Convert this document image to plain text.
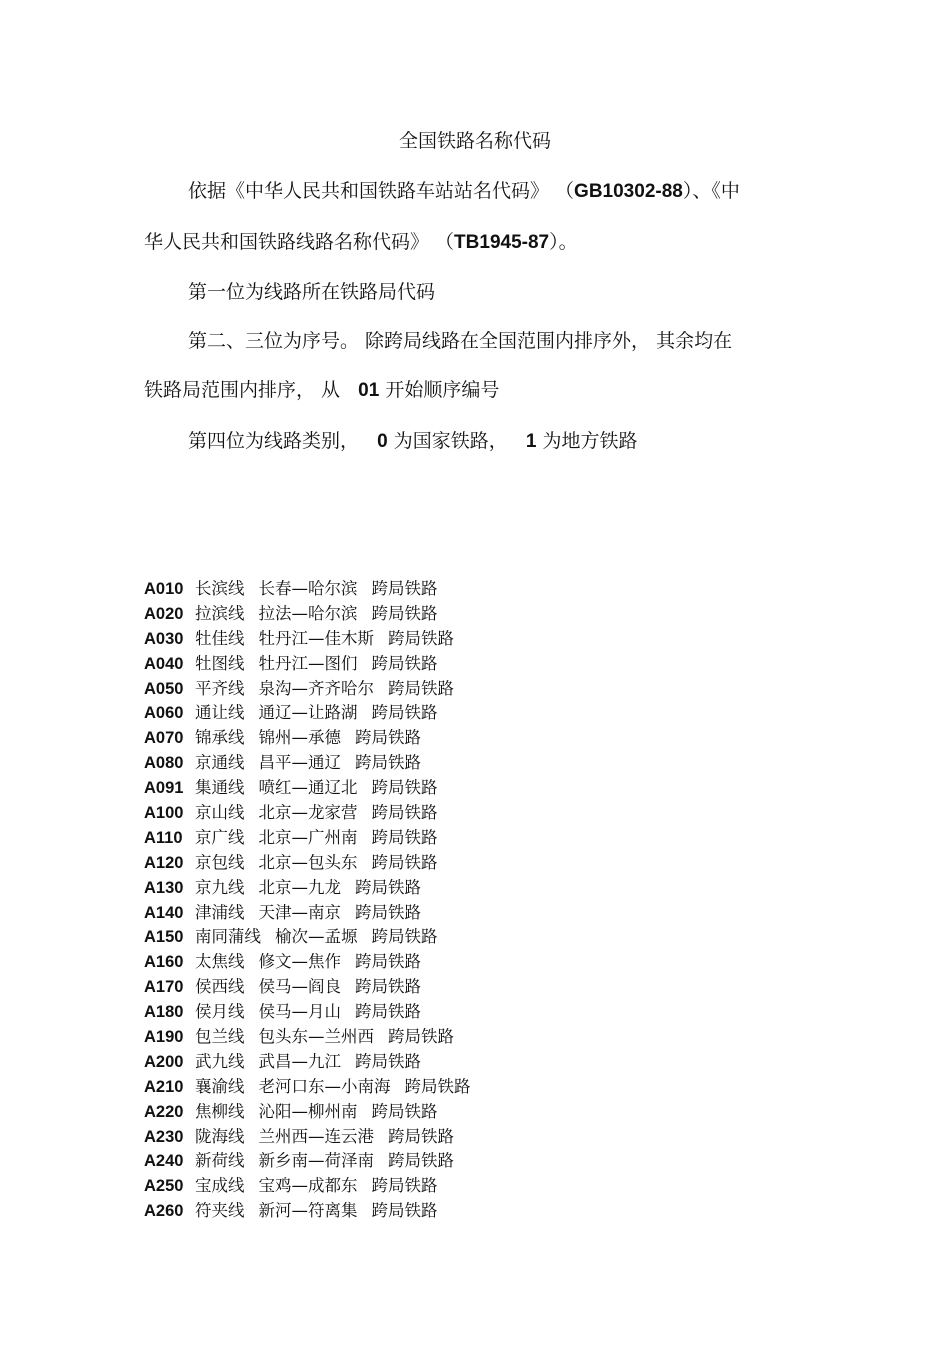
全国铁路名称代码
依据《中华人民共和国铁路车站站名代码》 （GB10302-88）、《中
华人民共和国铁路线路名称代码》 （TB1945-87）。
第一位为线路所在铁路局代码
第二、三位为序号。 除跨局线路在全国范围内排序外， 其余均在
铁路局范围内排序， 从 01 开始顺序编号
第四位为线路类别， 0 为国家铁路， 1 为地方铁路
A010 长滨线 长春—哈尔滨 跨局铁路
A020 拉滨线 拉法—哈尔滨 跨局铁路
A030 牡佳线 牡丹江—佳木斯 跨局铁路
A040 牡图线 牡丹江—图们 跨局铁路
A050 平齐线 泉沟—齐齐哈尔 跨局铁路
A060 通让线 通辽—让路湖 跨局铁路
A070 锦承线 锦州—承德 跨局铁路
A080 京通线 昌平—通辽 跨局铁路
A091 集通线 喷红—通辽北 跨局铁路
A100 京山线 北京—龙家营 跨局铁路
A110 京广线 北京—广州南 跨局铁路
A120 京包线 北京—包头东 跨局铁路
A130 京九线 北京—九龙 跨局铁路
A140 津浦线 天津—南京 跨局铁路
A150 南同蒲线 榆次—孟塬 跨局铁路
A160 太焦线 修文—焦作 跨局铁路
A170 侯西线 侯马—阎良 跨局铁路
A180 侯月线 侯马—月山 跨局铁路
A190 包兰线 包头东—兰州西 跨局铁路
A200 武九线 武昌—九江 跨局铁路
A210 襄渝线 老河口东—小南海 跨局铁路
A220 焦柳线 沁阳—柳州南 跨局铁路
A230 陇海线 兰州西—连云港 跨局铁路
A240 新荷线 新乡南—荷泽南 跨局铁路
A250 宝成线 宝鸡—成都东 跨局铁路
A260 符夹线 新河—符离集 跨局铁路
